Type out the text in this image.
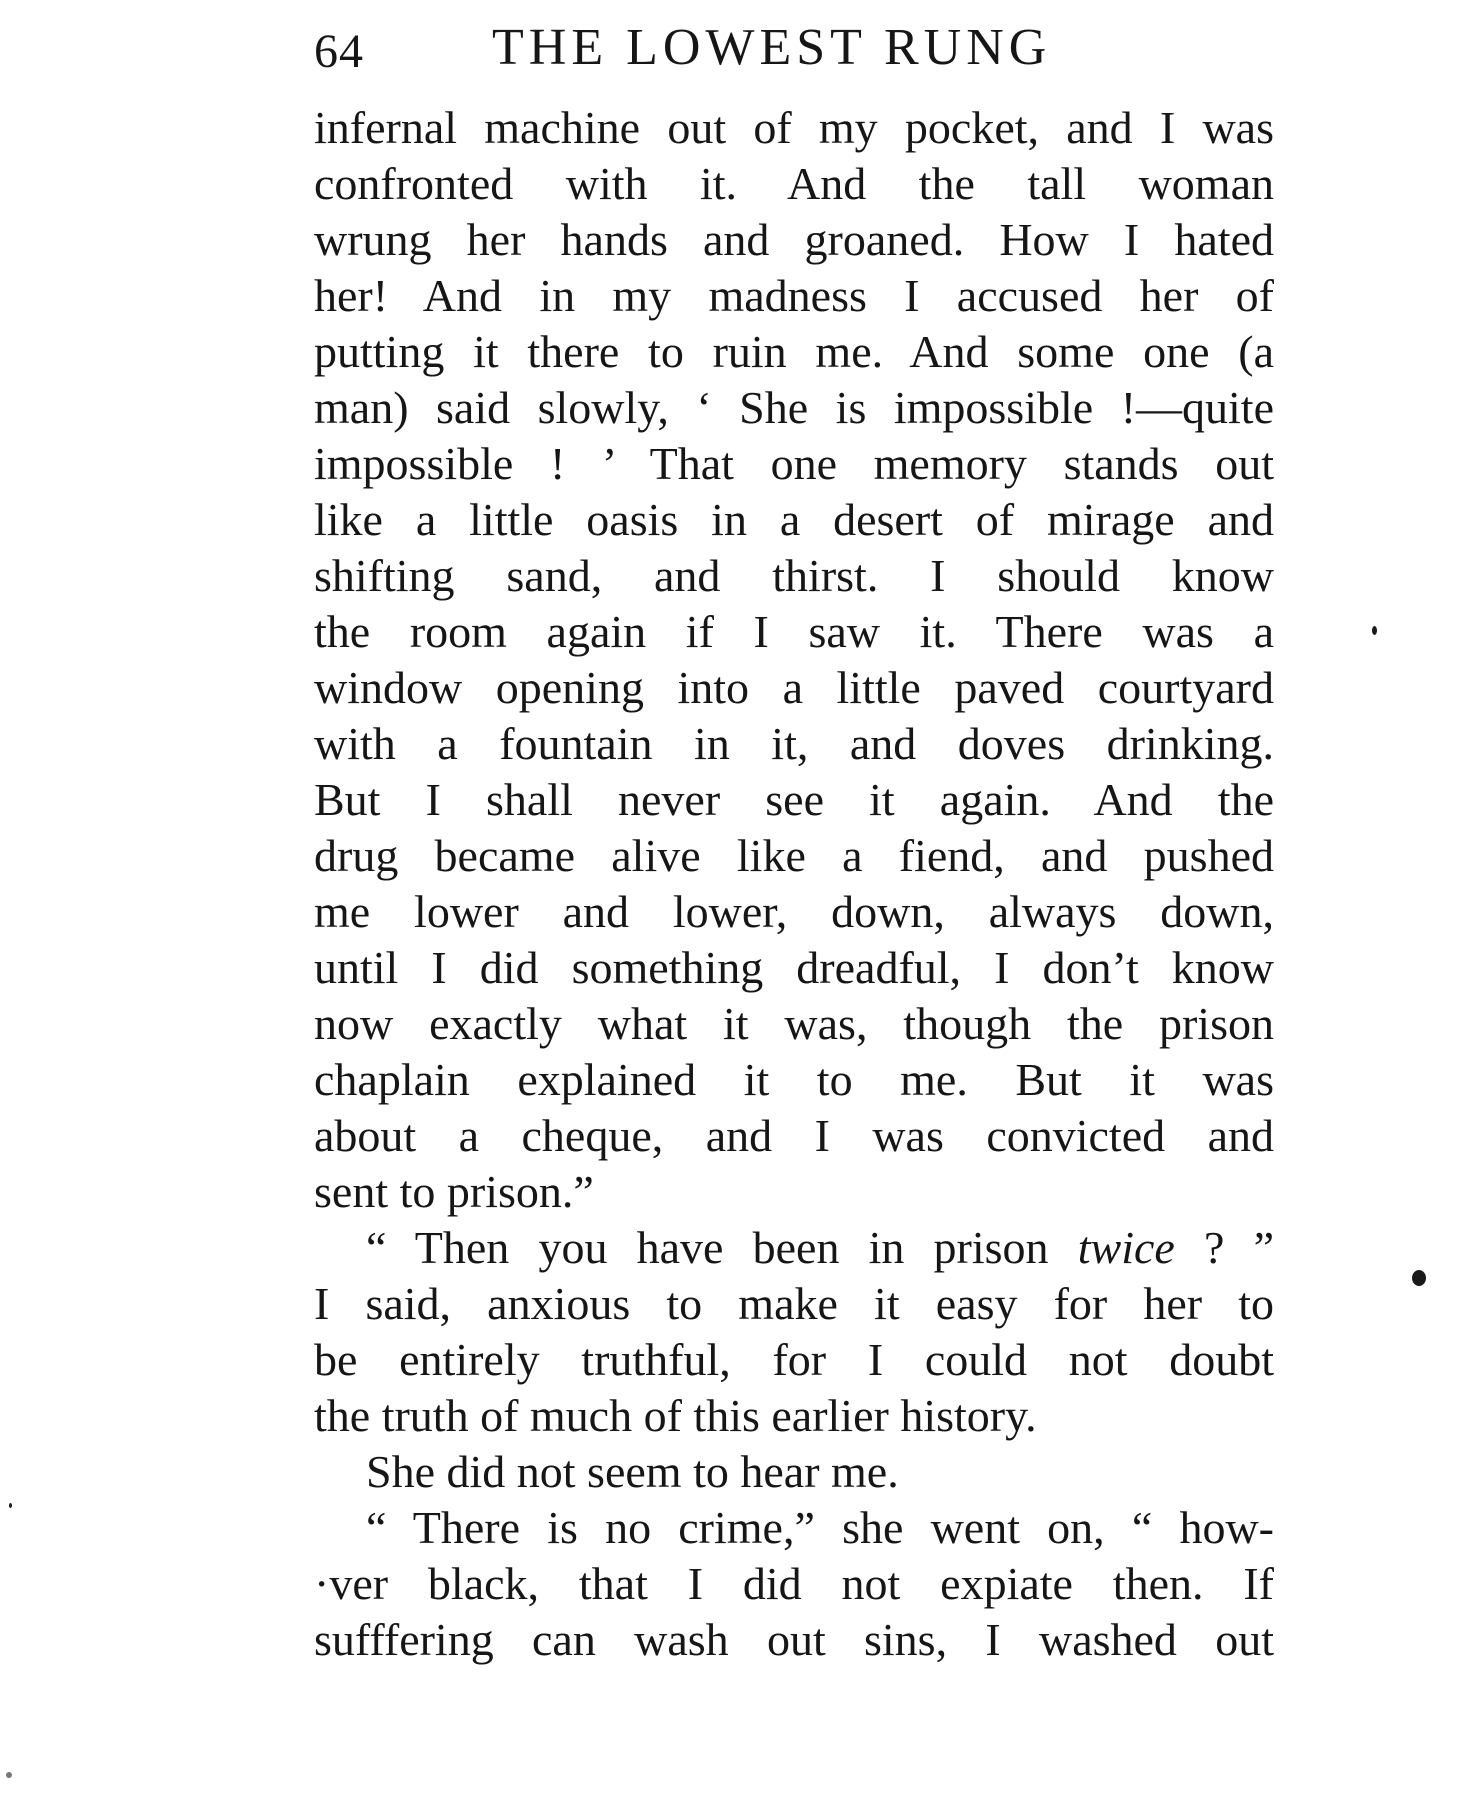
64 THE LOWEST RUNG
infernal machine out of my pocket, and I was
confronted with it. And the tall woman
wrung her hands and groaned. How I hated
her! And in my madness I accused her of
putting it there to ruin me. And some one (a
man) said slowly, ‘ She is impossible !—quite
impossible ! ’ That one memory stands out
like a little oasis in a desert of mirage and
shifting sand, and thirst. I should know
the room again if I saw it. There was a
window opening into a little paved courtyard
with a fountain in it, and doves drinking.
But I shall never see it again. And the
drug became alive like a fiend, and pushed
me lower and lower, down, always down,
until I did something dreadful, I don’t know
now exactly what it was, though the prison
chaplain explained it to me. But it was
about a cheque, and I was convicted and
sent to prison.”
“ Then you have been in prison twice ? ”
I said, anxious to make it easy for her to
be entirely truthful, for I could not doubt
the truth of much of this earlier history.
She did not seem to hear me.
“ There is no crime,” she went on, “ how-
·ver black, that I did not expiate then. If
sufffering can wash out sins, I washed out
